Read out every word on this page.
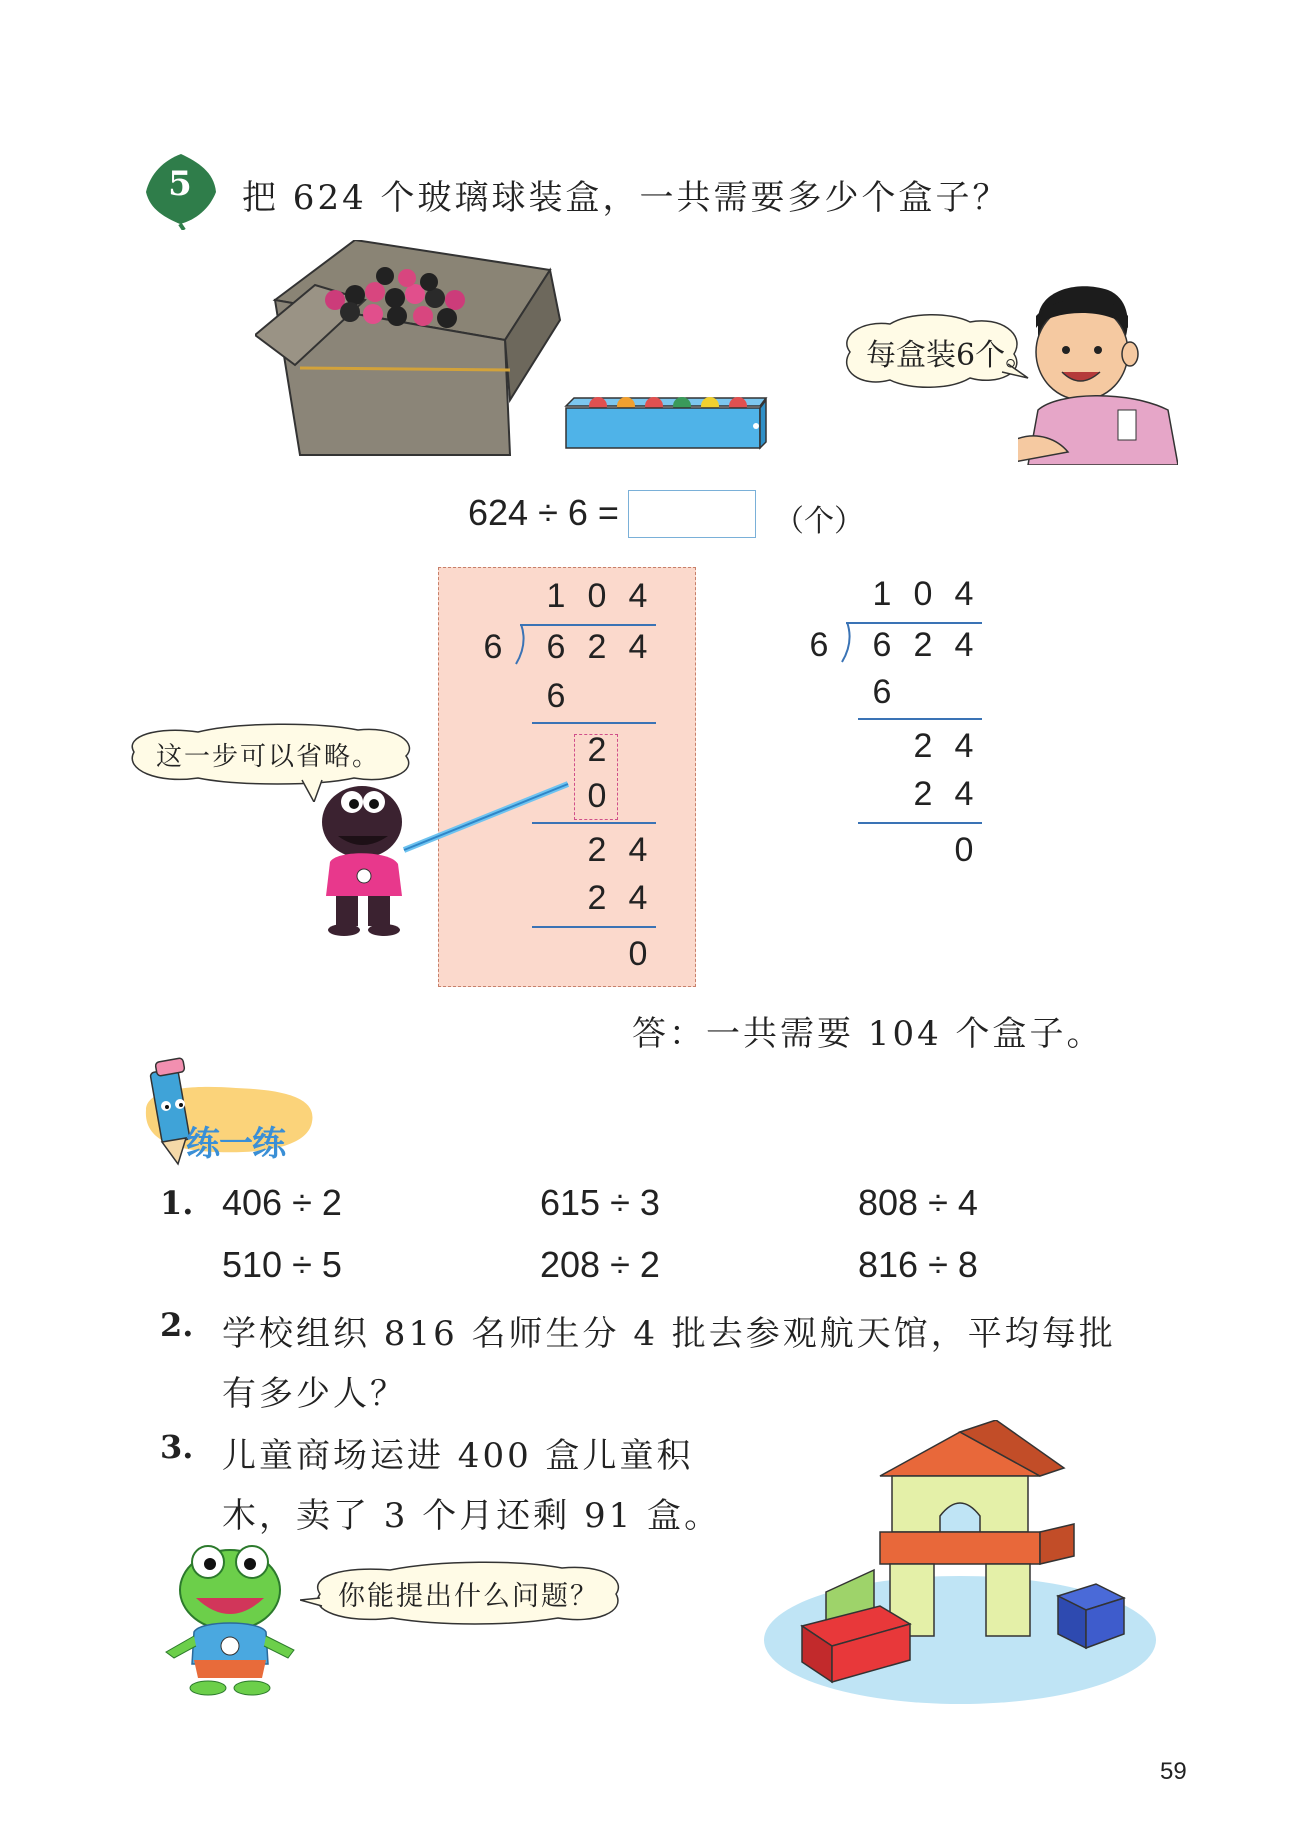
5 把 624 个玻璃球装盒，一共需要多少个盒子？
每盒装6个。
624 ÷ 6 =	（个）
1 0 4
6	6 2 4
6
2
0
2 4
2 4
0
这一步可以省略。
1 0 4
6	6 2 4
6
2 4
2 4
0
答：一共需要 104 个盒子。
练一练
1. 406 ÷ 2	615 ÷ 3	808 ÷ 4
510 ÷ 5	208 ÷ 2	816 ÷ 8
2. 学校组织 816 名师生分 4 批去参观航天馆，平均每批
有多少人？
3. 儿童商场运进 400 盒儿童积
木，卖了 3 个月还剩 91 盒。
你能提出什么问题？
59
